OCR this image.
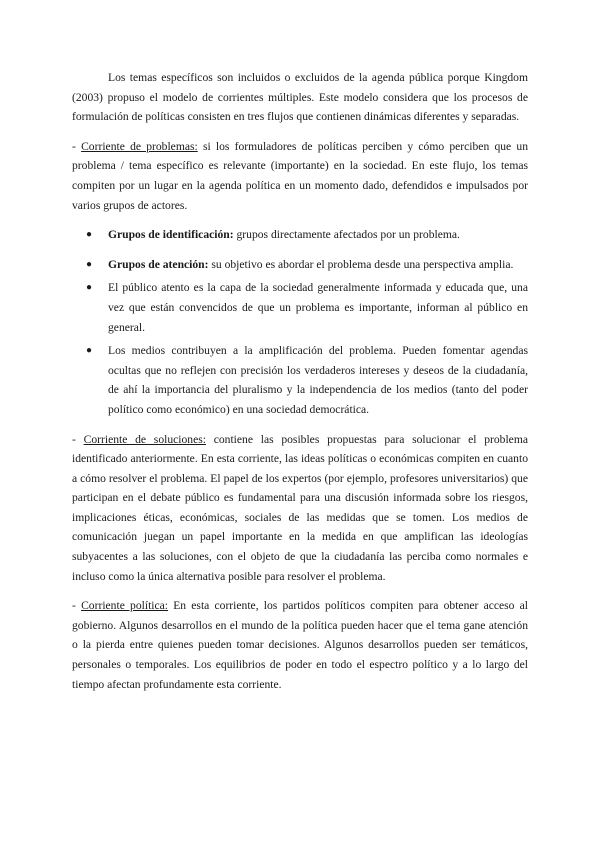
Los temas específicos son incluidos o excluidos de la agenda pública porque Kingdom (2003) propuso el modelo de corrientes múltiples. Este modelo considera que los procesos de formulación de políticas consisten en tres flujos que contienen dinámicas diferentes y separadas.

- Corriente de problemas: si los formuladores de políticas perciben y cómo perciben que un problema / tema específico es relevante (importante) en la sociedad. En este flujo, los temas compiten por un lugar en la agenda política en un momento dado, defendidos e impulsados por varios grupos de actores.

● Grupos de identificación: grupos directamente afectados por un problema.
● Grupos de atención: su objetivo es abordar el problema desde una perspectiva amplia.
● El público atento es la capa de la sociedad generalmente informada y educada que, una vez que están convencidos de que un problema es importante, informan al público en general.
● Los medios contribuyen a la amplificación del problema. Pueden fomentar agendas ocultas que no reflejen con precisión los verdaderos intereses y deseos de la ciudadanía, de ahí la importancia del pluralismo y la independencia de los medios (tanto del poder político como económico) en una sociedad democrática.

- Corriente de soluciones: contiene las posibles propuestas para solucionar el problema identificado anteriormente. En esta corriente, las ideas políticas o económicas compiten en cuanto a cómo resolver el problema. El papel de los expertos (por ejemplo, profesores universitarios) que participan en el debate público es fundamental para una discusión informada sobre los riesgos, implicaciones éticas, económicas, sociales de las medidas que se tomen. Los medios de comunicación juegan un papel importante en la medida en que amplifican las ideologías subyacentes a las soluciones, con el objeto de que la ciudadanía las perciba como normales e incluso como la única alternativa posible para resolver el problema.

- Corriente política: En esta corriente, los partidos políticos compiten para obtener acceso al gobierno. Algunos desarrollos en el mundo de la política pueden hacer que el tema gane atención o la pierda entre quienes pueden tomar decisiones. Algunos desarrollos pueden ser temáticos, personales o temporales. Los equilibrios de poder en todo el espectro político y a lo largo del tiempo afectan profundamente esta corriente.
